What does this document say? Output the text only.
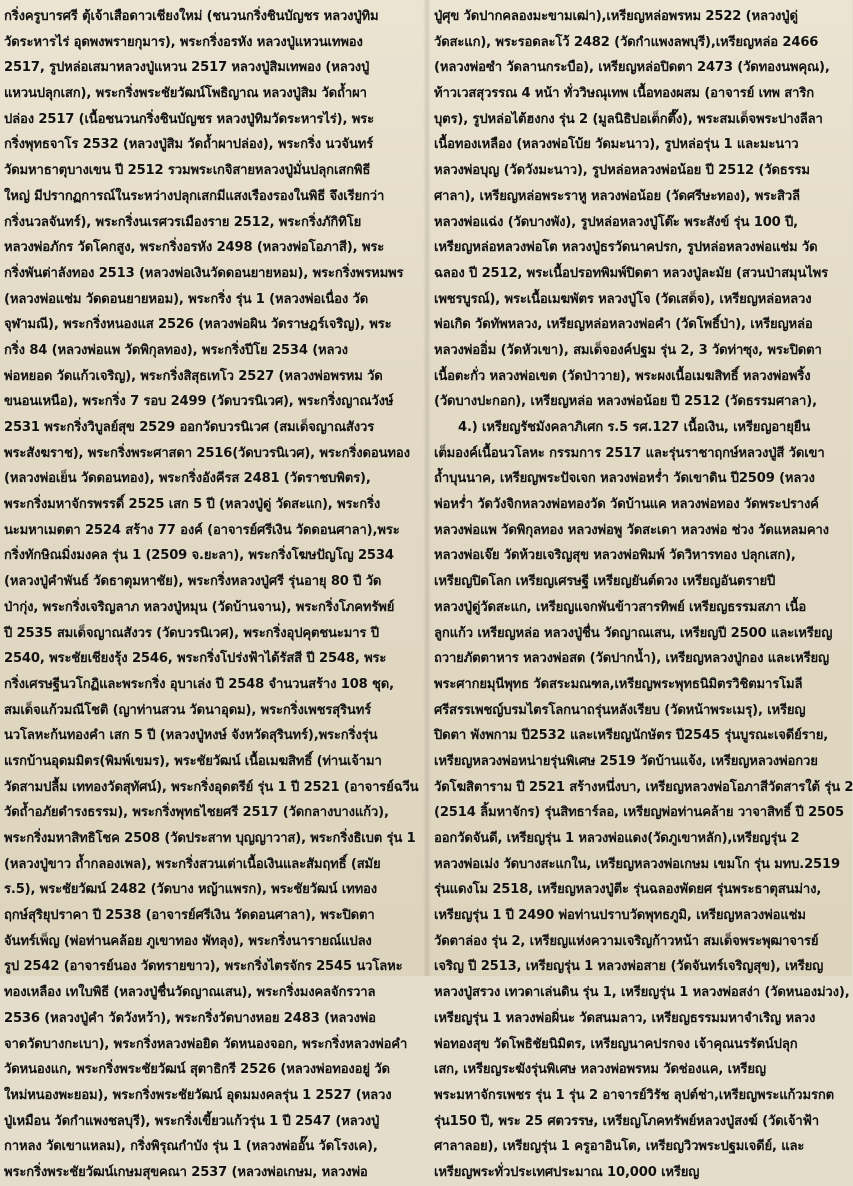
กริ่งครูบารศรี ตุ้เจ้าเสือดาวเชียงใหม่ (ชนวนกริ่งชินบัญชร หลวงปู่ทิม
วัดระหารไร่ อุดพงพรายกุมาร), พระกริ่งอรหัง หลวงปู่แหวนเทพอง
2517, รูปหล่อเสมาหลวงปู่แหวน 2517 หลวงปู่สิมเทพอง (หลวงปู่
แหวนปลุกเสก), พระกริ่งพระชัยวัฒน์โพธิญาณ หลวงปู่สิม วัดถ้ำผา
ปล่อง 2517 (เนื้อชนวนกริ่งชินบัญชร หลวงปู่ทิมวัดระหารไร่), พระ
กริ่งพุทธจาโร 2532 (หลวงปู่สิม วัดถ้ำผาปล่อง), พระกริ่ง นวจันทร์
วัดมหาธาตุบางเขน ปี 2512 รวมพระเกจิสายหลวงปู่มั่นปลุกเสกพิธี
ใหญ่ มีปรากฏการณ์ในระหว่างปลุกเสกมีแสงเรืองรองในพิธี จึงเรียกว่า
กริ่งนวลจันทร์), พระกริ่งนเรศวรเมืองราย 2512, พระกริ่งภักิทิโย
หลวงพ่อภักร วัดโคกสูง, พระกริ่งอรหัง 2498 (หลวงพ่อโอภาสี), พระ
กริ่งพันต่าลังทอง 2513 (หลวงพ่อเงินวัดดอนยายหอม), พระกริ่งพรหมพร
(หลวงพ่อแช่ม วัดดอนยายหอม), พระกริ่ง รุ่น 1 (หลวงพ่อเนื่อง วัด
จุฬามณี), พระกริ่งหนองแส 2526 (หลวงพ่อผิน วัดราษฎร์เจริญ), พระ
กริ่ง 84 (หลวงพ่อแพ วัดพิกุลทอง), พระกริ่งปีโย 2534 (หลวง
พ่อหยอด วัดแก้วเจริญ), พระกริ่งสิสุธเทโว 2527 (หลวงพ่อพรหม วัด
ขนอนเหนือ), พระกริ่ง 7 รอบ 2499 (วัดบวรนิเวศ), พระกริ่งญาณวังษ์
2531 พระกริ่งวิบูลย์สุข 2529 ออกวัดบวรนิเวศ (สมเด็จญาณสังวร
พระสังฆราช), พระกริ่งพระศาสดา 2516(วัดบวรนิเวศ), พระกริ่งดอนทอง
(หลวงพ่อเย็น วัดดอนทอง), พระกริ่งอังคีรส 2481 (วัดราชบพิตร),
พระกริ่งมหาจักรพรรดิ์ 2525 เสก 5 ปี (หลวงปู่ดู่ วัดสะแก), พระกริ่ง
นะมหาเมตตา 2524 สร้าง 77 องค์ (อาจารย์ศรีเงิน วัดดอนศาลา),พระ
กริ่งทักษิณมิ่งมงคล รุ่น 1 (2509 จ.ยะลา), พระกริ่งโฆษปัญโญ 2534
(หลวงปู่คำพันธ์ วัดธาตุมหาชัย), พระกริ่งหลวงปู่ศรี รุ่นอายุ 80 ปี วัด
ป่ากุ่ง, พระกริ่งเจริญลาภ หลวงปู่หมุน (วัดบ้านจาน), พระกริ่งโภคทรัพย์
ปี 2535 สมเด็จญาณสังวร (วัดบวรนิเวศ), พระกริ่งอุปคุตชนะมาร ปี
2540, พระชัยเชียงรุ้ง 2546, พระกริ่งโปร่งฟ้าได้รัสสี ปี 2548, พระ
กริ่งเศรษฐีนวโกฏิและพระกริ่ง อุบาเล่ง ปี 2548 จำนวนสร้าง 108 ชุด,
สมเด็จแก้วมณีโชติ (ญาท่านสวน วัดนาอุดม), พระกริ่งเพชรสุรินทร์
นวโลหะก้นทองคำ เสก 5 ปี (หลวงปู่หงษ์ จังหวัดสุรินทร์),พระกริ่งรุ่น
แรกบ้านอุดมมิตร(พิมพ์เขมร), พระชัยวัฒน์ เนื้อเมฆสิทธิ์ (ท่านเจ้ามา
วัดสามปลื้ม เททองวัดสุทัศน์), พระกริ่งอุดตรีย์ รุ่น 1 ปี 2521 (อาจารย์ฉวีน
วัดถ้ำอภัยดำรงธรรม), พระกริ่งพุทธไชยศรี 2517 (วัดกลางบางแก้ว),
พระกริ่งมหาสิทธิโชค 2508 (วัดประสาท บุญญาวาส), พระกริ่งธิเบต รุ่น 1
(หลวงปู่ขาว ถ้ำกลองเพล), พระกริ่งสวนเต่าเนื้อเงินและสัมฤทธิ์ (สมัย
ร.5), พระชัยวัฒน์ 2482 (วัดบาง หญ้าแพรก), พระชัยวัฒน์ เททอง
ฤกษ์สุริยุปราคา ปี 2538 (อาจารย์ศรีเงิน วัดดอนศาลา), พระปิดตา
จันทร์เพ็ญ (พ่อท่านคล้อย ภูเขาทอง พัทลุง), พระกริ่งนารายณ์แปลง
รูป 2542 (อาจารย์นอง วัดทรายขาว), พระกริ่งไตรจักร 2545 นวโลหะ
ทองเหลือง เทใบพิธี (หลวงปู่ชื่นวัดญาณเสน), พระกริ่งมงคลจักรวาล
2536 (หลวงปู่คำ วัดวังหว้า), พระกริ่งวัดบางหอย 2483 (หลวงพ่อ
จาดวัดบางกะเบา), พระกริ่งหลวงพ่อยิด วัดหนองจอก, พระกริ่งหลวงพ่อคำ
วัดหนองแก, พระกริ่งพระชัยวัฒน์ สุตาธิกรี 2526 (หลวงพ่อทองอยู่ วัด
ใหม่หนองพะยอม), พระกริ่งพระชัยวัฒน์ อุดมมงคลรุ่น 1 2527 (หลวง
ปู่เหมือน วัดกำแพงชลบุรี), พระกริ่งเขี้ยวแก้วรุ่น 1 ปี 2547 (หลวงปู่
กาหลง วัดเขาแหลม), กริ่งพิรุณกำบัง รุ่น 1 (หลวงพ่ออั๊น วัดโรงเค),
พระกริ่งพระชัยวัฒน์เกษมสุขคณา 2537 (หลวงพ่อเกษม, หลวงพ่อ
ปู่ศุข วัดปากคลองมะขามเฒ่า),เหรียญหล่อพรหม 2522 (หลวงปู่ดู่
วัดสะแก), พระรอดละโว้ 2482 (วัดกำแพงลพบุรี),เหรียญหล่อ 2466
(หลวงพ่อซำ วัดลานกระบือ), เหรียญหล่อปิดตา 2473 (วัดทองนพคุณ),
ท้าวเวสสุวรรณ 4 หน้า ทั่ววิษณุเทพ เนื้อทองผสม (อาจารย์ เทพ สาริก
บุตร), รูปหล่อไต้ฮงกง รุ่น 2 (มูลนิธิปอเต็กตึ๊ง), พระสมเด็จพระปางลีลา
เนื้อทองเหลือง (หลวงพ่อโบ้ย วัดมะนาว), รูปหล่อรุ่น 1 และมะนาว
หลวงพ่อบุญ (วัดวังมะนาว), รูปหล่อหลวงพ่อน้อย ปี 2512 (วัดธรรม
ศาลา), เหรียญหล่อพระราหู หลวงพ่อน้อย (วัดศรีษะทอง), พระสิวลี
หลวงพ่อแฉ่ง (วัดบางพัง), รูปหล่อหลวงปู่โต๊ะ พระสังข์ รุ่น 100 ปี,
เหรียญหล่อหลวงพ่อโต หลวงปู่ธรวัดนาคปรก, รูปหล่อหลวงพ่อแช่ม วัด
ฉลอง ปี 2512, พระเนื้อปรอทพิมพ์ปิดตา หลวงปู่ละมัย (สวนป่าสมุนไพร
เพชรบูรณ์), พระเนื้อเมฆพัตร หลวงปู่โจ (วัดเสด็จ), เหรียญหล่อหลวง
พ่อเกิด วัดทัพหลวง, เหรียญหล่อหลวงพ่อคำ (วัดโพธิ์ป่า), เหรียญหล่อ
หลวงพ่ออิ่ม (วัดหัวเขา), สมเด็จองค์ปฐม รุ่น 2, 3 วัดท่าซุง, พระปิดตา
เนื้อตะกั่ว หลวงพ่อเขต (วัดป่าวาย), พระผงเนื้อเมฆสิทธิ์ หลวงพ่อพริ้ง
(วัดบางปะกอก), เหรียญหล่อ หลวงพ่อน้อย ปี 2512 (วัดธรรมศาลา),
4.) เหรียญรัชมังคลาภิเศก ร.5 รศ.127 เนื้อเงิน, เหรียญอายุยืน
เต็มองค์เนื้อนวโลหะ กรรมการ 2517 และรุ่นราชาฤกษ์หลวงปู่สี วัดเขา
ถ้ำบุนนาค, เหรียญพระปัจเจก หลวงพ่อหร่ำ วัดเขาดิน ปี2509 (หลวง
พ่อหร่ำ วัดวังจิกหลวงพ่อทองวัด วัดบ้านแค หลวงพ่อทอง วัดพระปรางค์
หลวงพ่อแพ วัดพิกุลทอง หลวงพ่อพู วัดสะเดา หลวงพ่อ ช่วง วัดแหลมคาง
หลวงพ่อเจ๊ย วัดห้วยเจริญสุข หลวงพ่อพิมพ์ วัดวิหารทอง ปลุกเสก),
เหรียญปิดโลก เหรียญเศรษฐี เหรียญยันต์ดวง เหรียญอันตรายปี
หลวงปู่ดู่วัดสะแก, เหรียญแจกพันข้าวสารทิพย์ เหรียญธรรมสภา เนื้อ
ลูกแก้ว เหรียญหล่อ หลวงปู่ชื่น วัดญาณเสน, เหรียญปี 2500 และเหรียญ
ถวายภัตตาหาร หลวงพ่อสด (วัดปากน้ำ), เหรียญหลวงปู่กอง และเหรียญ
พระศากยมุนีพุทธ วัดสระมณฑล,เหรียญพระพุทธนิมิตรวิชิตมารโมลี
ศรีสรรเพชญ์บรมไตรโลกนาถรุ่นหลังเรียบ (วัดหน้าพระเมรุ), เหรียญ
ปิดตา พังพกาม ปี2532 และเหรียญนักษัตร ปี2545 รุ่นบูรณะเจดีย์ราย,
เหรียญหลวงพ่อหน่ายรุ่นพิเศษ 2519 วัดบ้านแจ้ง, เหรียญหลวงพ่อกวย
วัดโฆสิตาราม ปี 2521 สร้างหนึ่งบา, เหรียญหลวงพ่อโอภาสีวัดสารใต้ รุ่น 2
(2514 ลิ้มหาจักร) รุ่นสิทธาร์ลอ, เหรียญพ่อท่านคล้าย วาจาสิทธิ์ ปี 2505
ออกวัดจันดี, เหรียญรุ่น 1 หลวงพ่อแดง(วัดภูเขาหลัก),เหรียญรุ่น 2
หลวงพ่อเม่ง วัดบางสะแกใน, เหรียญหลวงพ่อเกษม เขมโก รุ่น มทบ.2519
รุ่นแดงโม 2518, เหรียญหลวงปู่ตีะ รุ่นฉลองพัดยศ รุ่นพระธาตุสนม่าง,
เหรียญรุ่น 1 ปี 2490 พ่อท่านปราบวัดพุทธภูมิ, เหรียญหลวงพ่อแช่ม
วัดตาล่อง รุ่น 2, เหรียญแห่งความเจริญก้าวหน้า สมเด็จพระพุฒาจารย์
เจริญ ปี 2513, เหรียญรุ่น 1 หลวงพ่อสาย (วัดจันทร์เจริญสุข), เหรียญ
หลวงปู่สรวง เทวดาเล่นดิน รุ่น 1, เหรียญรุ่น 1 หลวงพ่อสง่า (วัดหนองม่วง),
เหรียญรุ่น 1 หลวงพ่อผิ่นะ วัดสนมลาว, เหรียญธรรมมหาจำเริญ หลวง
พ่อทองสุข วัดโพธิชัยนิมิตร, เหรียญนาคปรกจง เจ้าคุณนรรัตน์ปลุก
เสก, เหรียญระฆังรุ่นพิเศษ หลวงพ่อพรหม วัดช่องแค, เหรียญ
พระมหาจักรเพชร รุ่น 1 รุ่น 2 อาจารย์วิรัช ลุปต์ช่า,เหรียญพระแก้วมรกต
รุ่น150 ปี, พระ 25 ศตวรรษ, เหรียญโภคทรัพย์หลวงปู่สงฆ์ (วัดเจ้าฟ้า
ศาลาลอย), เหรียญรุ่น 1 ครูอาอินโต, เหรียญวิวพระปฐมเจดีย์, และ
เหรียญพระทั่วประเทศประมาณ 10,000 เหรียญ
